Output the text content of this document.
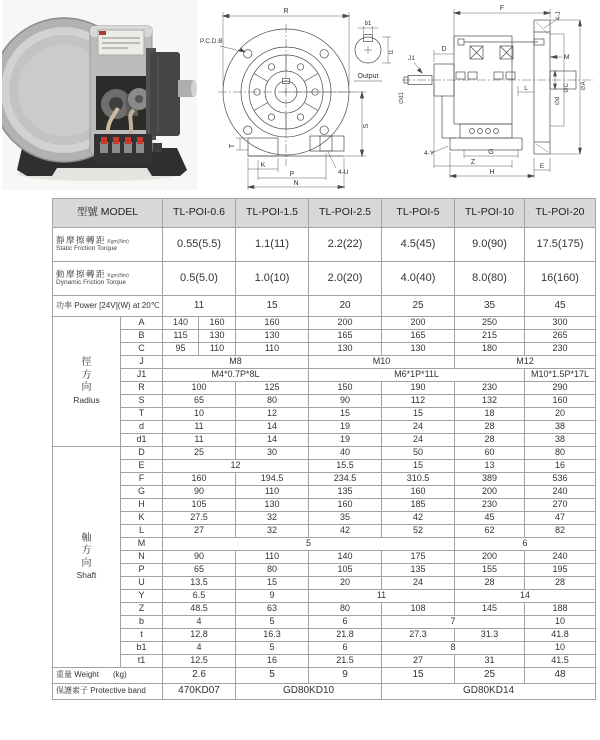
R
P.C.D.B
S
T
K
P
N
4-U
b1
t1
Output
F
4-J
D
J1
∅d1
M
L
∅d
∅C ∅A
4-Y	G
Z
H
E
型號 MODEL		TL-POI-0.6		TL-POI-1.5	TL-POI-2.5	TL-POI-5	TL-POI-10	TL-POI-20

靜摩擦轉距 Kgm(Nm)
Static Friction Torque		0.55(5.5)		1.1(11)	2.2(22)	4.5(45)	9.0(90)	17.5(175)

動摩擦轉距 Kgm(Nm)
Dynamic Friction Torque		0.5(5.0)		1.0(10)	2.0(20)	4.0(40)	8.0(80)	16(160)
功率 Power [24V](W) at 20℃		11		15	20	25	35	45

徑
方
向
Radius	A	140	160	160	200	200	250	300
	B	115	130	130	165	165	215	265
	C	95	110	110	130	130	180	230
	J	M8			M10		M12	
	J1	M4*0.7P*8L			M6*1P*11L			M10*1.5P*17L
	R	100		125	150	190	230	290
	S	65		80	90	112	132	160
	T	10		12	15	15	18	20
	d	11		14	19	24	28	38
	d1	11		14	19	24	28	38

軸
方
向
Shaft	D	25		30	40	50	60	80
	E	12			15.5	15	13	16
	F	160		194.5	234.5	310.5	389	536
	G	90		110	135	160	200	240
	H	105		130	160	185	230	270
	K	27.5		32	35	42	45	47
	L	27		32	42	52	62	82
	M	5					6	
	N	90		110	140	175	200	240
	P	65		80	105	135	155	195
	U	13.5		15	20	24	28	28
	Y	6.5		9	11		14	
	Z	48.5		63	80	108	145	188
	b	4		5	6	7		10
	t	12.8		16.3	21.8	27.3	31.3	41.8
	b1	4		5	6	8		10
	t1	12.5		16	21.5	27	31	41.5
重量 Weight (kg)		2.6		5	9	15	25	48
保護素子 Protective band		470KD07		GD80KD10		GD80KD14		
